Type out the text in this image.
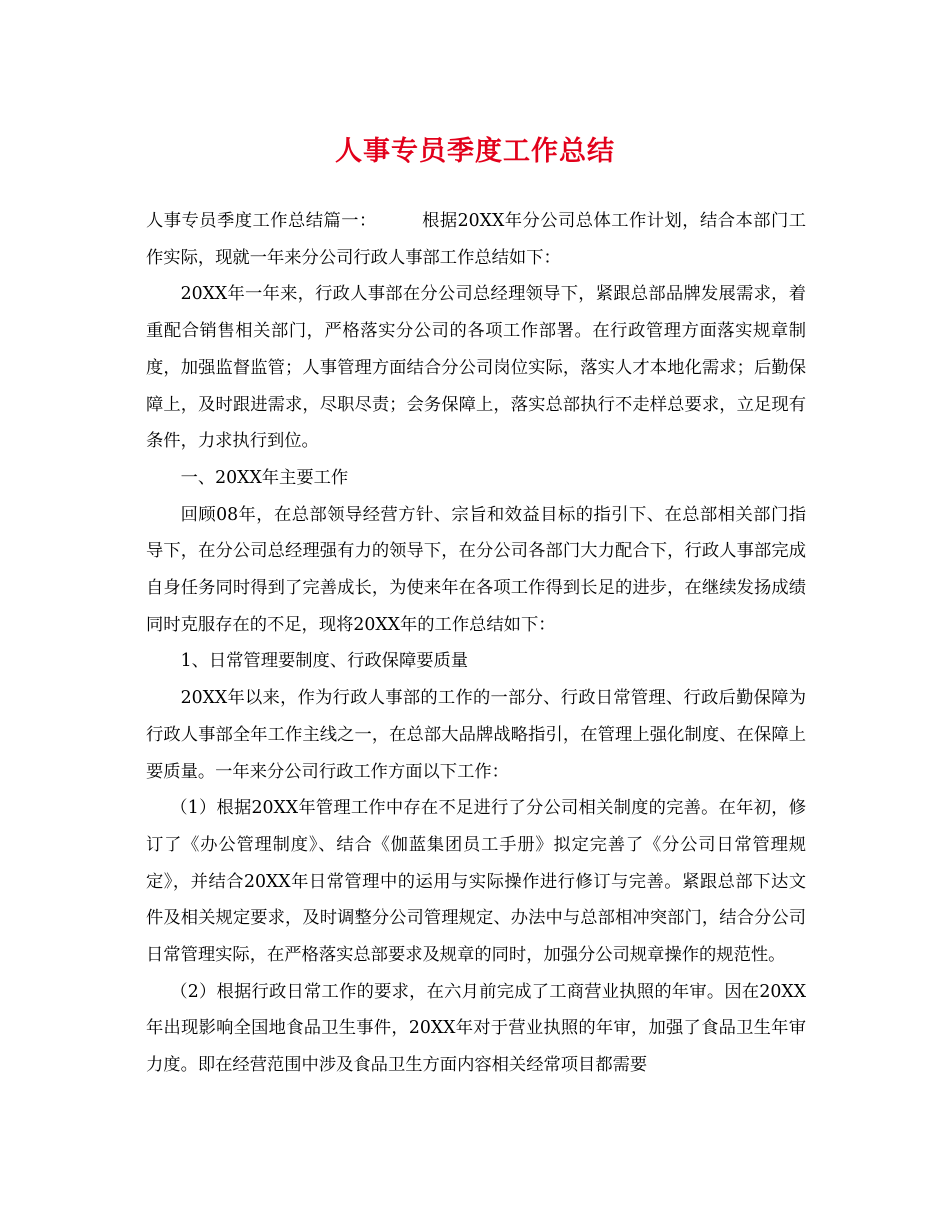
人事专员季度工作总结

人事专员季度工作总结篇一：	根据20XX年分公司总体工作计划，结合本部门工作实际，现就一年来分公司行政人事部工作总结如下：

20XX年一年来，行政人事部在分公司总经理领导下，紧跟总部品牌发展需求，着重配合销售相关部门，严格落实分公司的各项工作部署。在行政管理方面落实规章制度，加强监督监管；人事管理方面结合分公司岗位实际，落实人才本地化需求；后勤保障上，及时跟进需求，尽职尽责；会务保障上，落实总部执行不走样总要求，立足现有条件，力求执行到位。

一、20XX年主要工作

回顾08年，在总部领导经营方针、宗旨和效益目标的指引下、在总部相关部门指导下，在分公司总经理强有力的领导下，在分公司各部门大力配合下，行政人事部完成自身任务同时得到了完善成长，为使来年在各项工作得到长足的进步，在继续发扬成绩同时克服存在的不足，现将20XX年的工作总结如下：

1、日常管理要制度、行政保障要质量

20XX年以来，作为行政人事部的工作的一部分、行政日常管理、行政后勤保障为行政人事部全年工作主线之一，在总部大品牌战略指引，在管理上强化制度、在保障上要质量。一年来分公司行政工作方面以下工作：

（1）根据20XX年管理工作中存在不足进行了分公司相关制度的完善。在年初，修订了《办公管理制度》、结合《伽蓝集团员工手册》拟定完善了《分公司日常管理规定》，并结合20XX年日常管理中的运用与实际操作进行修订与完善。紧跟总部下达文件及相关规定要求，及时调整分公司管理规定、办法中与总部相冲突部门，结合分公司日常管理实际，在严格落实总部要求及规章的同时，加强分公司规章操作的规范性。

（2）根据行政日常工作的要求，在六月前完成了工商营业执照的年审。因在20XX年出现影响全国地食品卫生事件，20XX年对于营业执照的年审，加强了食品卫生年审力度。即在经营范围中涉及食品卫生方面内容相关经常项目都需要
